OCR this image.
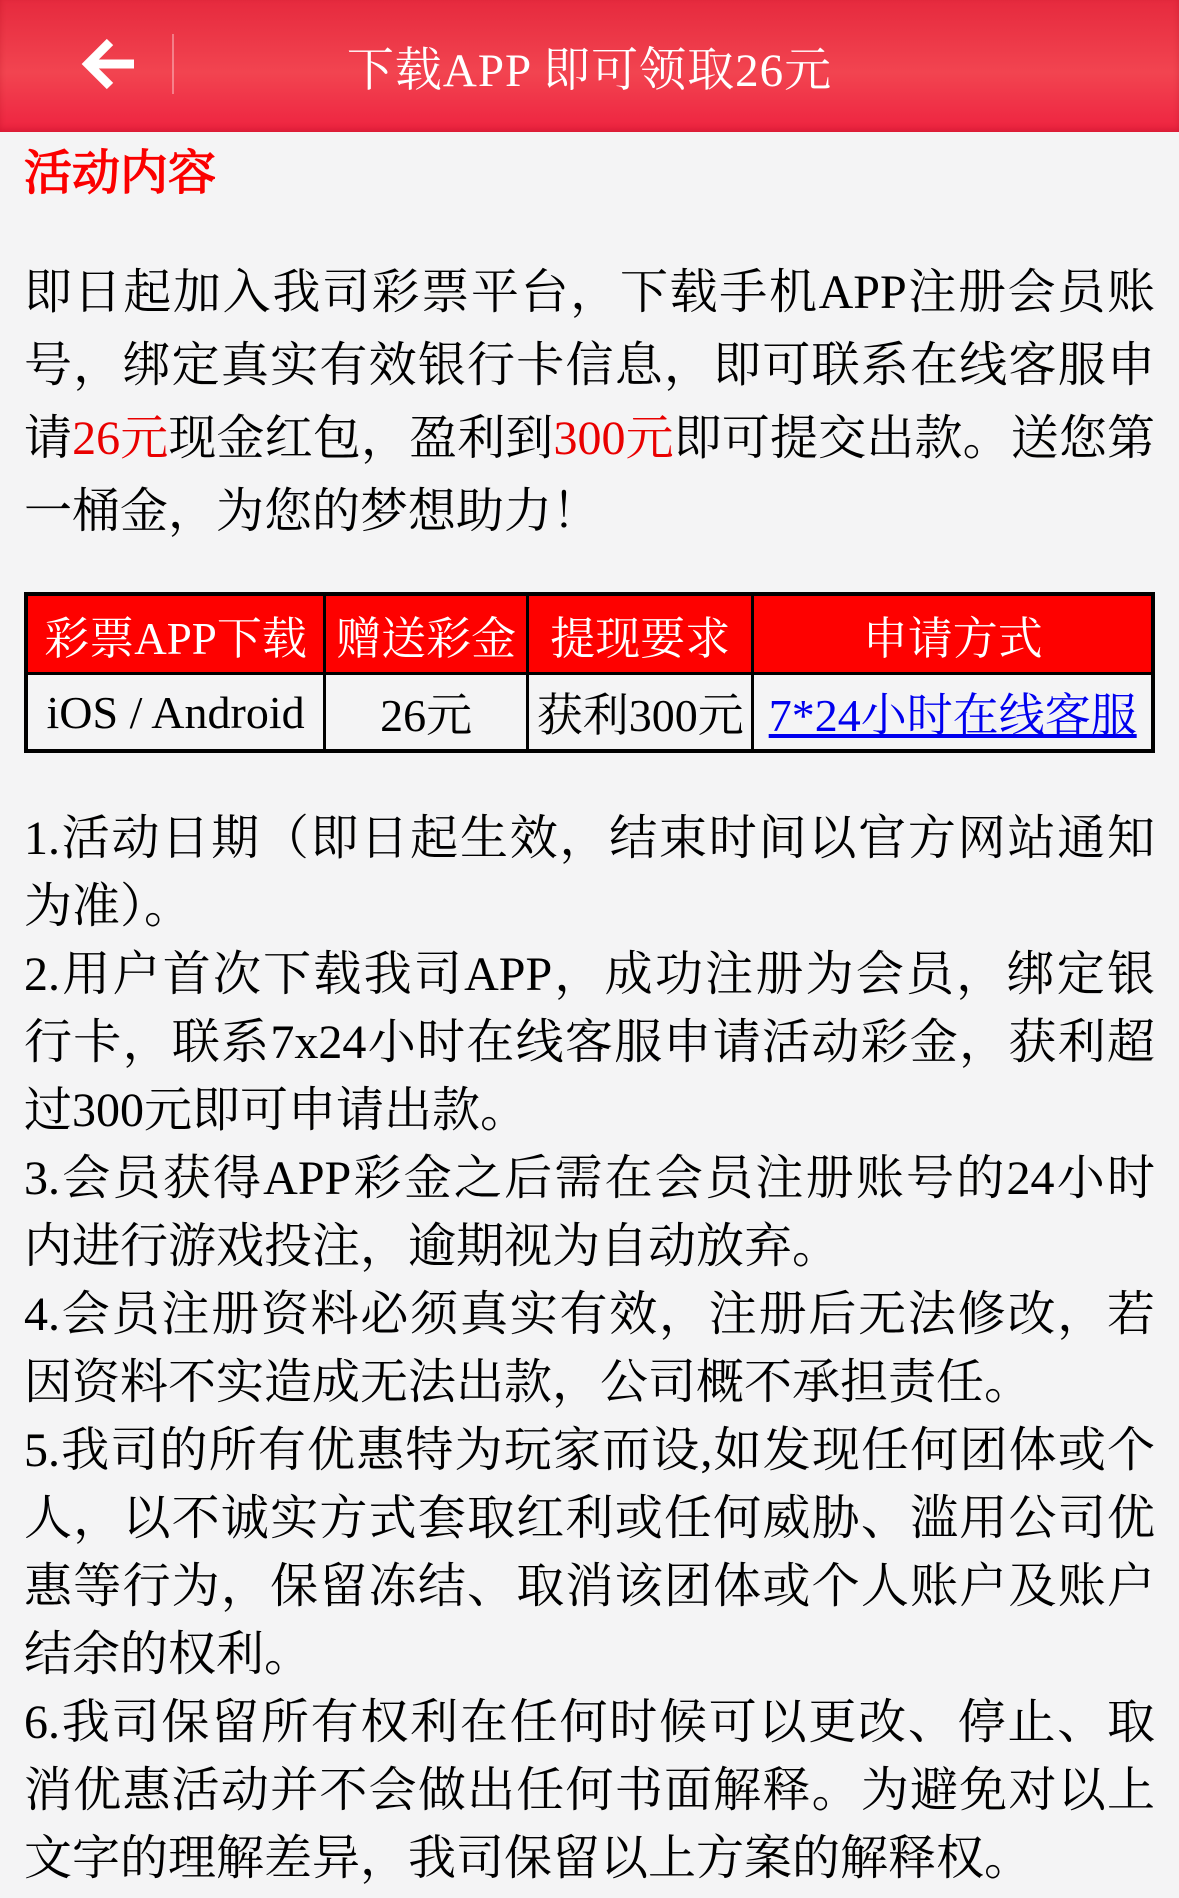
下载APP 即可领取26元
活动内容

即日起加入我司彩票平台，下载手机APP注册会员账号，绑定真实有效银行卡信息，即可联系在线客服申请26元现金红包，盈利到300元即可提交出款。送您第一桶金，为您的梦想助力！

彩票APP下载	赠送彩金	提现要求	申请方式
iOS / Android	26元	获利300元	7*24小时在线客服
1.活动日期（即日起生效，结束时间以官方网站通知为准）。
2.用户首次下载我司APP，成功注册为会员，绑定银行卡，联系7x24小时在线客服申请活动彩金，获利超过300元即可申请出款。
3.会员获得APP彩金之后需在会员注册账号的24小时内进行游戏投注，逾期视为自动放弃。
4.会员注册资料必须真实有效，注册后无法修改，若因资料不实造成无法出款，公司概不承担责任。
5.我司的所有优惠特为玩家而设,如发现任何团体或个人，以不诚实方式套取红利或任何威胁、滥用公司优惠等行为，保留冻结、取消该团体或个人账户及账户结余的权利。
6.我司保留所有权利在任何时候可以更改、停止、取消优惠活动并不会做出任何书面解释。为避免对以上文字的理解差异，我司保留以上方案的解释权。
